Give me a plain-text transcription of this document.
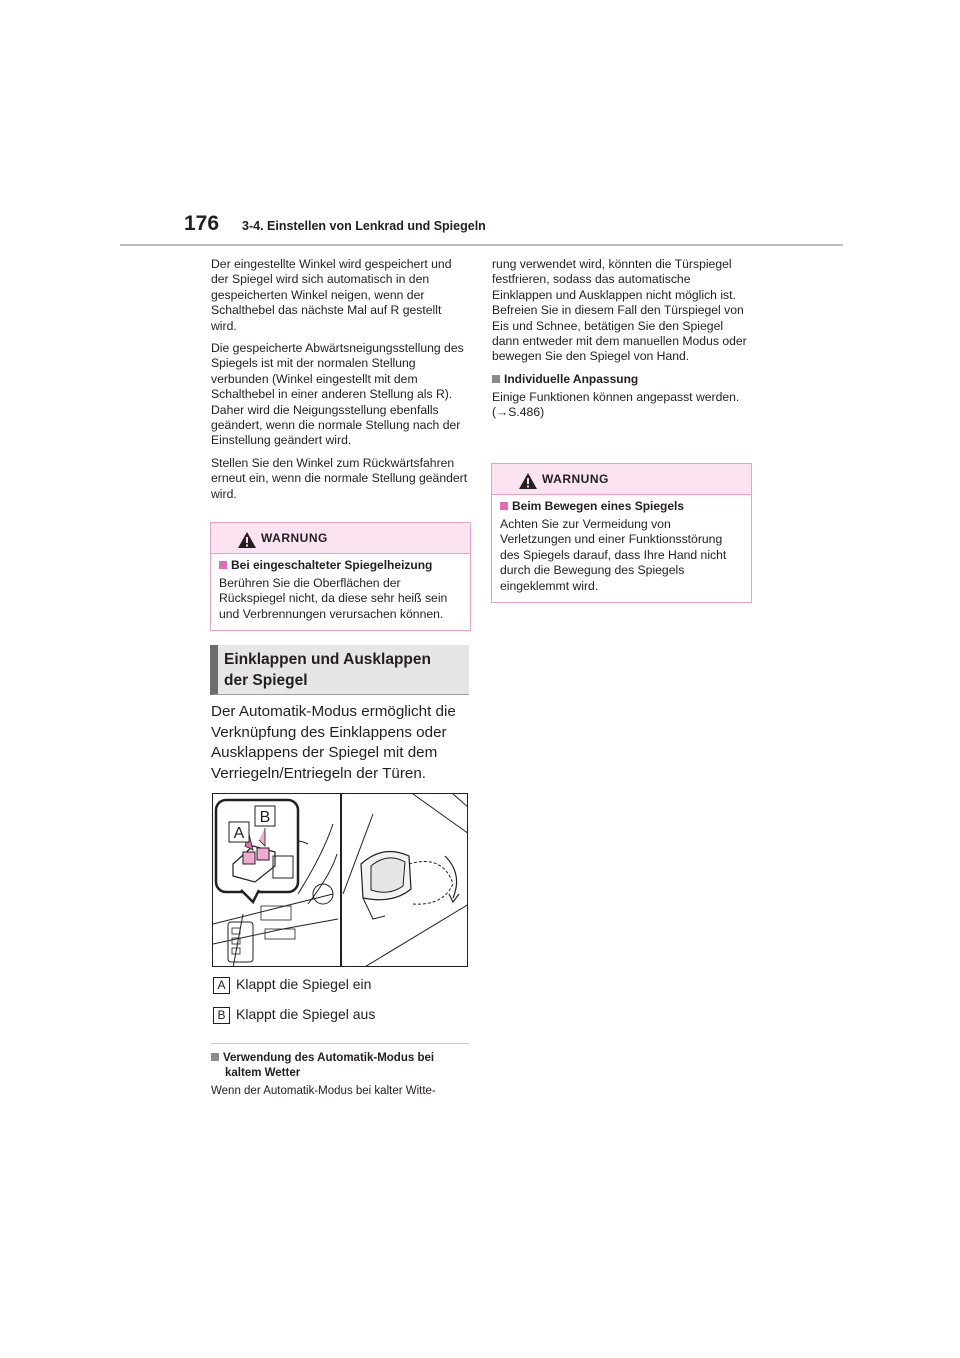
176 3-4. Einstellen von Lenkrad und Spiegeln

Der eingestellte Winkel wird gespeichert und der Spiegel wird sich automatisch in den gespeicherten Winkel neigen, wenn der Schalthebel das nächste Mal auf R gestellt wird.

Die gespeicherte Abwärtsneigungsstellung des Spiegels ist mit der normalen Stellung verbunden (Winkel eingestellt mit dem Schalthebel in einer anderen Stellung als R). Daher wird die Neigungsstellung ebenfalls geändert, wenn die normale Stellung nach der Einstellung geändert wird.

Stellen Sie den Winkel zum Rückwärtsfahren erneut ein, wenn die normale Stellung geändert wird.

WARNUNG

Bei eingeschalteter Spiegelheizung

Berühren Sie die Oberflächen der Rückspiegel nicht, da diese sehr heiß sein und Verbrennungen verursachen können.

Einklappen und Ausklappen
der Spiegel

Der Automatik-Modus ermöglicht die Verknüpfung des Einklappens oder Ausklappens der Spiegel mit dem Verriegeln/Entriegeln der Türen.

A
B
A Klappt die Spiegel ein
B Klappt die Spiegel aus

Verwendung des Automatik-Modus bei kaltem Wetter

Wenn der Automatik-Modus bei kalter Witte-

rung verwendet wird, könnten die Türspiegel festfrieren, sodass das automatische Einklappen und Ausklappen nicht möglich ist. Befreien Sie in diesem Fall den Türspiegel von Eis und Schnee, betätigen Sie den Spiegel dann entweder mit dem manuellen Modus oder bewegen Sie den Spiegel von Hand.

Individuelle Anpassung

Einige Funktionen können angepasst werden. (→S.486)

WARNUNG

Beim Bewegen eines Spiegels

Achten Sie zur Vermeidung von Verletzungen und einer Funktionsstörung des Spiegels darauf, dass Ihre Hand nicht durch die Bewegung des Spiegels eingeklemmt wird.
